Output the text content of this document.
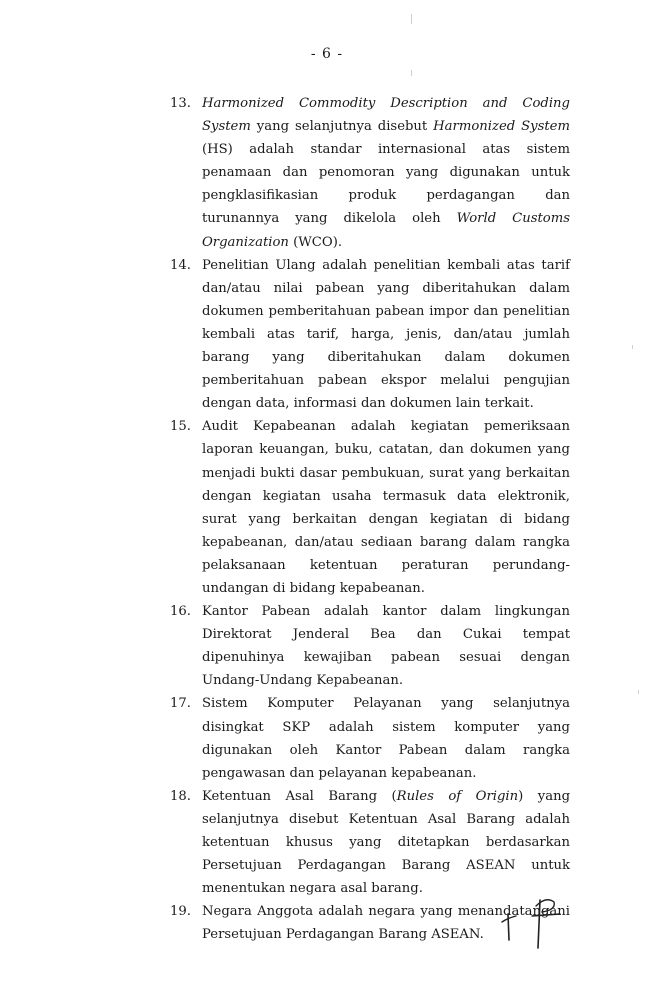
- 6 -
13. Harmonized Commodity Description and Coding System yang selanjutnya disebut Harmonized System (HS) adalah standar internasional atas sistem penamaan dan penomoran yang digunakan untuk pengklasifikasian produk perdagangan dan turunannya yang dikelola oleh World Customs Organization (WCO).
14. Penelitian Ulang adalah penelitian kembali atas tarif dan/atau nilai pabean yang diberitahukan dalam dokumen pemberitahuan pabean impor dan penelitian kembali atas tarif, harga, jenis, dan/atau jumlah barang yang diberitahukan dalam dokumen pemberitahuan pabean ekspor melalui pengujian dengan data, informasi dan dokumen lain terkait.
15. Audit Kepabeanan adalah kegiatan pemeriksaan laporan keuangan, buku, catatan, dan dokumen yang menjadi bukti dasar pembukuan, surat yang berkaitan dengan kegiatan usaha termasuk data elektronik, surat yang berkaitan dengan kegiatan di bidang kepabeanan, dan/atau sediaan barang dalam rangka pelaksanaan ketentuan peraturan perundang-undangan di bidang kepabeanan.
16. Kantor Pabean adalah kantor dalam lingkungan Direktorat Jenderal Bea dan Cukai tempat dipenuhinya kewajiban pabean sesuai dengan Undang-Undang Kepabeanan.
17. Sistem Komputer Pelayanan yang selanjutnya disingkat SKP adalah sistem komputer yang digunakan oleh Kantor Pabean dalam rangka pengawasan dan pelayanan kepabeanan.
18. Ketentuan Asal Barang (Rules of Origin) yang selanjutnya disebut Ketentuan Asal Barang adalah ketentuan khusus yang ditetapkan berdasarkan Persetujuan Perdagangan Barang ASEAN untuk menentukan negara asal barang.
19. Negara Anggota adalah negara yang menandatangani Persetujuan Perdagangan Barang ASEAN.
